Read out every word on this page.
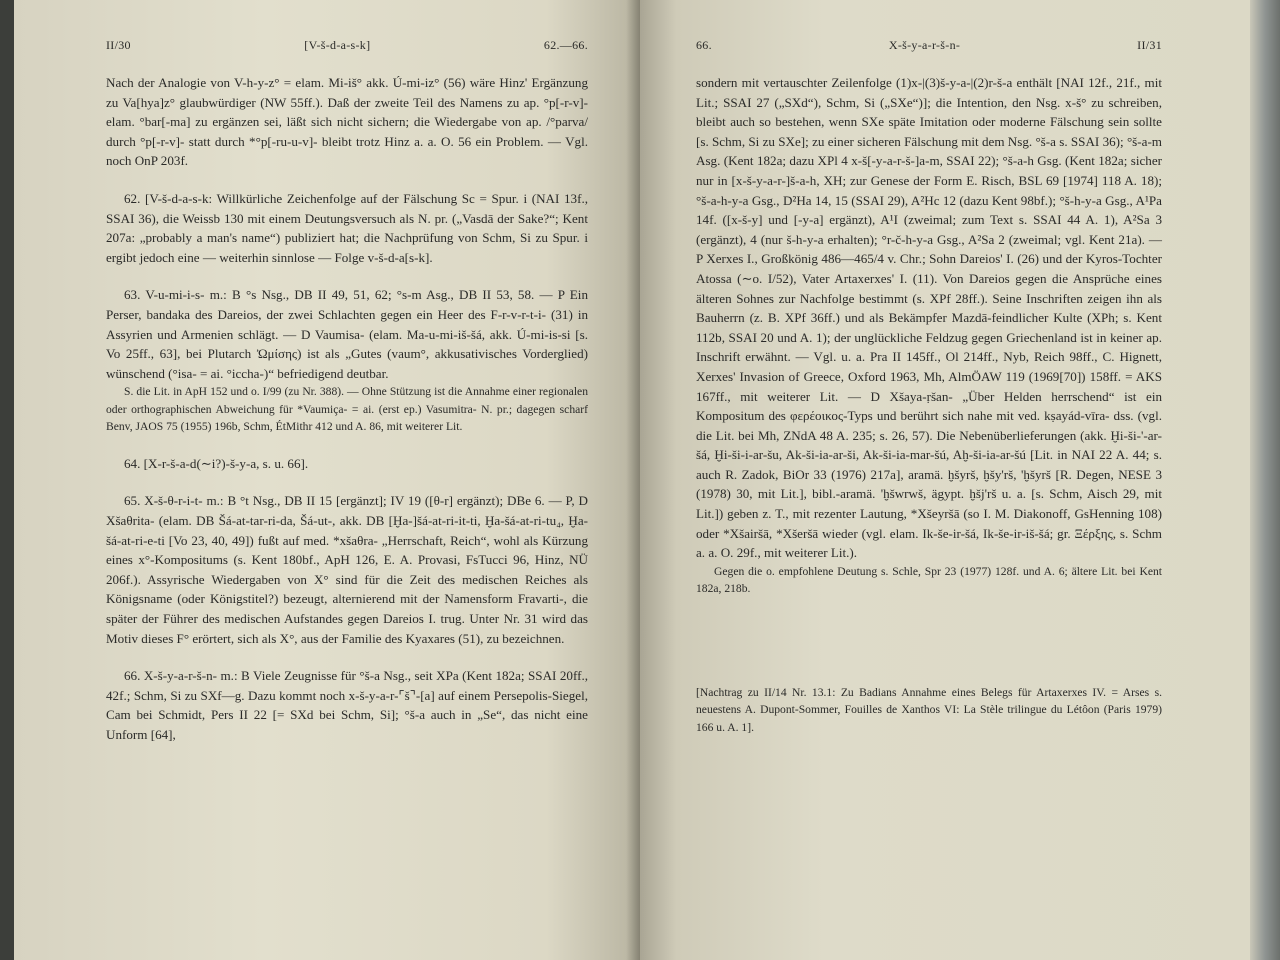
II/30	[V-š-d-a-s-k]	62.—66.

Nach der Analogie von V-h-y-z° = elam. Mi-iš° akk. Ú-mi-iz° (56) wäre Hinz' Ergänzung zu Va[hya]z° glaubwürdiger (NW 55ff.). Daß der zweite Teil des Namens zu ap. °p[-r-v]- elam. °bar[-ma] zu ergänzen sei, läßt sich nicht sichern; die Wiedergabe von ap. /°parva/ durch °p[-r-v]- statt durch *°p[-ru-u-v]- bleibt trotz Hinz a. a. O. 56 ein Problem. — Vgl. noch OnP 203f.

62. [V-š-d-a-s-k: Willkürliche Zeichenfolge auf der Fälschung Sc = Spur. i (NAI 13f., SSAI 36), die Weissb 130 mit einem Deutungsversuch als N. pr. („Vasdā der Sake?“; Kent 207a: „probably a man's name“) publiziert hat; die Nachprüfung von Schm, Si zu Spur. i ergibt jedoch eine — weiterhin sinnlose — Folge v-š-d-a[s-k].

63. V-u-mi-i-s- m.: B °s Nsg., DB II 49, 51, 62; °s-m Asg., DB II 53, 58. — P Ein Perser, bandaka des Dareios, der zwei Schlachten gegen ein Heer des F-r-v-r-t-i- (31) in Assyrien und Armenien schlägt. — D Vaumisa- (elam. Ma-u-mi-iš-šá, akk. Ú-mi-is-si [s. Vo 25ff., 63], bei Plutarch Ὠμίσης) ist als „Gutes (vaum°, akkusativisches Vorderglied) wünschend (°isa- = ai. °iccha-)“ befriedigend deutbar.

S. die Lit. in ApH 152 und o. I/99 (zu Nr. 388). — Ohne Stützung ist die Annahme einer regionalen oder orthographischen Abweichung für *Vaumiça- = ai. (erst ep.) Vasumitra- N. pr.; dagegen scharf Benv, JAOS 75 (1955) 196b, Schm, ÉtMithr 412 und A. 86, mit weiterer Lit.

64. [X-r-š-a-d(∼i?)-š-y-a, s. u. 66].

65. X-š-θ-r-i-t- m.: B °t Nsg., DB II 15 [ergänzt]; IV 19 ([θ-r] ergänzt); DBe 6. — P, D Xšaθrita- (elam. DB Šá-at-tar-ri-da, Šá-ut-, akk. DB [Ḫa-]šá-at-ri-it-ti, Ḫa-šá-at-ri-tu₄, Ḫa-šá-at-ri-e-ti [Vo 23, 40, 49]) fußt auf med. *xšaθra- „Herrschaft, Reich“, wohl als Kürzung eines x°-Kompositums (s. Kent 180bf., ApH 126, E. A. Provasi, FsTucci 96, Hinz, NÜ 206f.). Assyrische Wiedergaben von X° sind für die Zeit des medischen Reiches als Königsname (oder Königstitel?) bezeugt, alternierend mit der Namensform Fravarti-, die später der Führer des medischen Aufstandes gegen Dareios I. trug. Unter Nr. 31 wird das Motiv dieses F° erörtert, sich als X°, aus der Familie des Kyaxares (51), zu bezeichnen.

66. X-š-y-a-r-š-n- m.: B Viele Zeugnisse für °š-a Nsg., seit XPa (Kent 182a; SSAI 20ff., 42f.; Schm, Si zu SXf—g. Dazu kommt noch x-š-y-a-r-⌜š⌝-[a] auf einem Persepolis-Siegel, Cam bei Schmidt, Pers II 22 [= SXd bei Schm, Si]; °š-a auch in „Se“, das nicht eine Unform [64],

66.	X-š-y-a-r-š-n-	II/31

sondern mit vertauschter Zeilenfolge (1)x-|(3)š-y-a-|(2)r-š-a enthält [NAI 12f., 21f., mit Lit.; SSAI 27 („SXd“), Schm, Si („SXe“)]; die Intention, den Nsg. x-š° zu schreiben, bleibt auch so bestehen, wenn SXe späte Imitation oder moderne Fälschung sein sollte [s. Schm, Si zu SXe]; zu einer sicheren Fälschung mit dem Nsg. °š-a s. SSAI 36); °š-a-m Asg. (Kent 182a; dazu XPl 4 x-š[-y-a-r-š-]a-m, SSAI 22); °š-a-h Gsg. (Kent 182a; sicher nur in [x-š-y-a-r-]š-a-h, XH; zur Genese der Form E. Risch, BSL 69 [1974] 118 A. 18); °š-a-h-y-a Gsg., D²Ha 14, 15 (SSAI 29), A²Hc 12 (dazu Kent 98bf.); °š-h-y-a Gsg., A¹Pa 14f. ([x-š-y] und [-y-a] ergänzt), A¹I (zweimal; zum Text s. SSAI 44 A. 1), A²Sa 3 (ergänzt), 4 (nur š-h-y-a erhalten); °r-č-h-y-a Gsg., A²Sa 2 (zweimal; vgl. Kent 21a). — P Xerxes I., Großkönig 486—465/4 v. Chr.; Sohn Dareios' I. (26) und der Kyros-Tochter Atossa (∼o. I/52), Vater Artaxerxes' I. (11). Von Dareios gegen die Ansprüche eines älteren Sohnes zur Nachfolge bestimmt (s. XPf 28ff.). Seine Inschriften zeigen ihn als Bauherrn (z. B. XPf 36ff.) und als Bekämpfer Mazdā-feindlicher Kulte (XPh; s. Kent 112b, SSAI 20 und A. 1); der unglückliche Feldzug gegen Griechenland ist in keiner ap. Inschrift erwähnt. — Vgl. u. a. Pra II 145ff., Ol 214ff., Nyb, Reich 98ff., C. Hignett, Xerxes' Invasion of Greece, Oxford 1963, Mh, AlmÖAW 119 (1969[70]) 158ff. = AKS 167ff., mit weiterer Lit. — D Xšaya-ṛšan- „Über Helden herrschend“ ist ein Kompositum des φερέοικος-Typs und berührt sich nahe mit ved. kṣayád-vīra- dss. (vgl. die Lit. bei Mh, ZNdA 48 A. 235; s. 26, 57). Die Nebenüberlieferungen (akk. Ḫi-ši-'-ar-šá, Ḫi-ši-i-ar-šu, Ak-ši-ia-ar-ši, Ak-ši-ia-mar-šú, Aḫ-ši-ia-ar-šú [Lit. in NAI 22 A. 44; s. auch R. Zadok, BiOr 33 (1976) 217a], aramä. ḫšyrš, ḫšy'rš, 'ḫšyrš [R. Degen, NESE 3 (1978) 30, mit Lit.], bibl.-aramä. 'ḫšwrwš, ägypt. ḫšj'rš u. a. [s. Schm, Aisch 29, mit Lit.]) geben z. T., mit rezenter Lautung, *Xšeyršā (so I. M. Diakonoff, GsHenning 108) oder *Xšairšā, *Xšeršā wieder (vgl. elam. Ik-še-ir-šá, Ik-še-ir-iš-šá; gr. Ξέρξης, s. Schm a. a. O. 29f., mit weiterer Lit.).

Gegen die o. empfohlene Deutung s. Schle, Spr 23 (1977) 128f. und A. 6; ältere Lit. bei Kent 182a, 218b.

[Nachtrag zu II/14 Nr. 13.1: Zu Badians Annahme eines Belegs für Artaxerxes IV. = Arses s. neuestens A. Dupont-Sommer, Fouilles de Xanthos VI: La Stèle trilingue du Létôon (Paris 1979) 166 u. A. 1].
